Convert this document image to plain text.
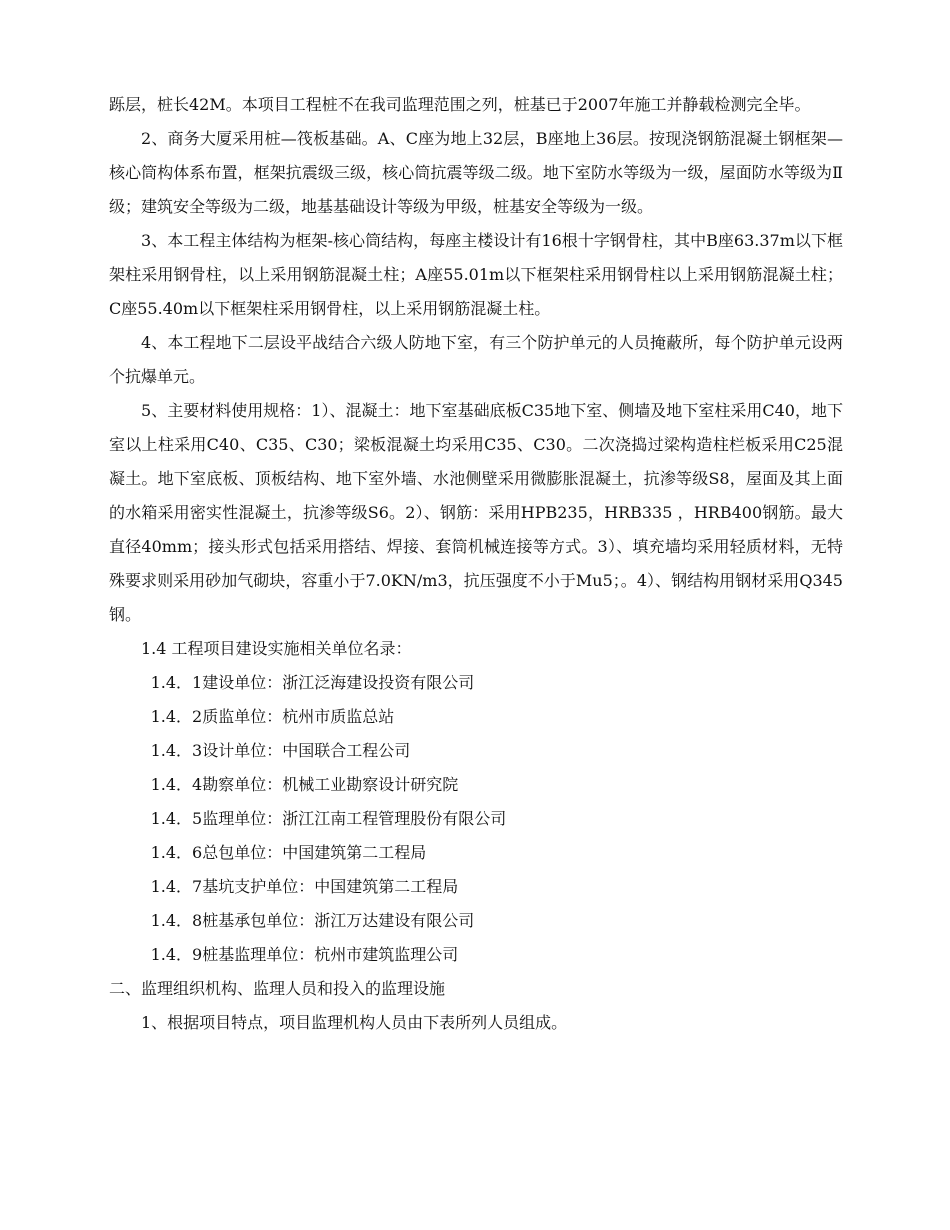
跞层，桩长42M。本项目工程桩不在我司监理范围之列，桩基已于2007年施工并静载检测完全毕。

2、商务大厦采用桩—筏板基础。A、C座为地上32层，B座地上36层。按现浇钢筋混凝土钢框架—核心筒构体系布置，框架抗震级三级，核心筒抗震等级二级。地下室防水等级为一级，屋面防水等级为Ⅱ级；建筑安全等级为二级，地基基础设计等级为甲级，桩基安全等级为一级。

3、本工程主体结构为框架-核心筒结构，每座主楼设计有16根十字钢骨柱，其中B座63.37m以下框架柱采用钢骨柱，以上采用钢筋混凝土柱；A座55.01m以下框架柱采用钢骨柱以上采用钢筋混凝土柱；C座55.40m以下框架柱采用钢骨柱，以上采用钢筋混凝土柱。

4、本工程地下二层设平战结合六级人防地下室，有三个防护单元的人员掩蔽所，每个防护单元设两个抗爆单元。

5、主要材料使用规格：1）、混凝土：地下室基础底板C35地下室、侧墙及地下室柱采用C40，地下室以上柱采用C40、C35、C30；梁板混凝土均采用C35、C30。二次浇捣过梁构造柱栏板采用C25混凝土。地下室底板、顶板结构、地下室外墙、水池侧壁采用微膨胀混凝土，抗渗等级S8，屋面及其上面的水箱采用密实性混凝土，抗渗等级S6。2）、钢筋：采用HPB235，HRB335 ，HRB400钢筋。最大直径40mm；接头形式包括采用搭结、焊接、套筒机械连接等方式。3）、填充墙均采用轻质材料，无特殊要求则采用砂加气砌块，容重小于7.0KN/m3，抗压强度不小于Mu5；。4）、钢结构用钢材采用Q345钢。

1.4 工程项目建设实施相关单位名录：

1.4．1建设单位：浙江泛海建设投资有限公司

1.4．2质监单位：杭州市质监总站

1.4．3设计单位：中国联合工程公司

1.4．4勘察单位：机械工业勘察设计研究院

1.4．5监理单位：浙江江南工程管理股份有限公司

1.4．6总包单位：中国建筑第二工程局

1.4．7基坑支护单位：中国建筑第二工程局

1.4．8桩基承包单位：浙江万达建设有限公司

1.4．9桩基监理单位：杭州市建筑监理公司

二、监理组织机构、监理人员和投入的监理设施

1、根据项目特点，项目监理机构人员由下表所列人员组成。
